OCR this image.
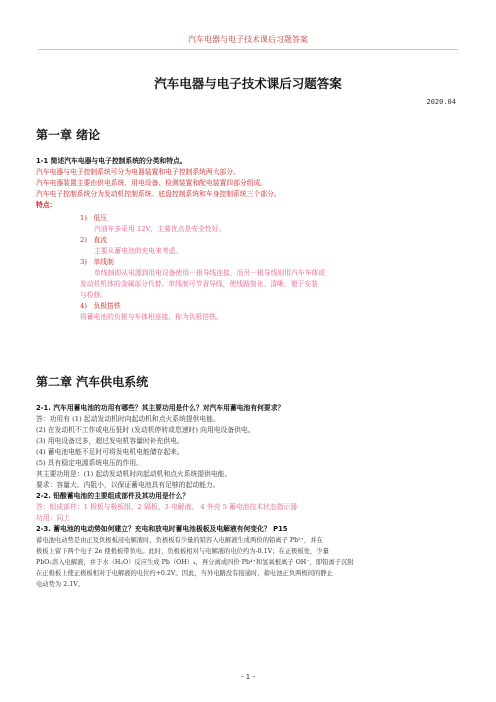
汽车电器与电子技术课后习题答案
汽车电器与电子技术课后习题答案
2020.04
第一章 绪论
1-1 简述汽车电器与电子控制系统的分类和特点。
汽车电器与电子控制系统可分为电器装置和电子控制系统两大部分。
汽车电器装置主要由供电系统、用电设备、检测装置和配电装置四部分组成。
汽车电子控制系统分为发动机控制系统、底盘控制系统和车身控制系统三个部分。
特点：
1) 低压
汽油车多采用 12V，主要优点是安全性好。
2) 直流
主要从蓄电池的充电来考虑。
3) 单线制
单线制即从电源到用电设备使用一根导线连接，而另一根导线则用汽车车体或
发动机机体的金属部分代替。单线制可节省导线，使线路简化、清晰，便于安装
与检修。
4) 负极搭铁
将蓄电池的负极与车体相连接，称为负极搭铁。
第二章 汽车供电系统
2-1. 汽车用蓄电池的功用有哪些？其主要功用是什么？对汽车用蓄电池有何要求？
答：功用有 (1) 起动发动机时向起动机和点火系统提供电能。
(2) 在发动机不工作或电压低时 (发动机停转或怠速时) 向用电设备供电。
(3) 用电设备过多，超过发电机容量时补充供电。
(4) 蓄电池电能不足时可将发电机电能储存起来。
(5) 具有稳定电源系统电压的作用。
其主要功用是：(1) 起动发动机时向起动机和点火系统提供电能。
要求：容量大、内阻小，以保证蓄电池具有足够的起动能力。
2-2. 铅酸蓄电池的主要组成部件及其功用是什么？
答：组成部件：1 极板与极板组、2 隔板、3 电解液、 4 外壳 5 蓄电池技术状态指示器
功用：同上
2-3. 蓄电池的电动势如何建立？充电和放电时蓄电池极板及电解液有何变化？ P15
蓄电池电动势是由正及负极板浸电解液时，负极板有少量的铅容入电解液生成两价的铅离子 Pb²⁺，并在
极板上留下两个电子 2e 使极板带负电。此时，负极板相对与电解液的电位约为-0.1V；在正极板处，少量
PbO₂溶入电解液，并于水（H₂O）反应生成 Pb（OH）₄，再分离成四价 Pb⁴⁺和氢氧根离子 OH⁻，即铅离子沉附
在正极板上使正极板相对于电解液的电位约+0.2V。因此，当外电路没有接通时，蓄电池正负两极间的静止
电动势为 2.1V。
- 1 -
